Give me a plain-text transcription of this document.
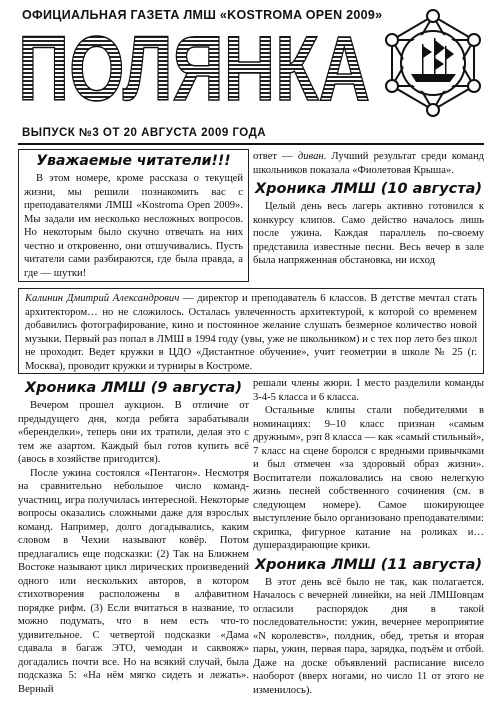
ОФИЦИАЛЬНАЯ ГАЗЕТА ЛМШ «KOSTROMA OPEN 2009»
ПОЛЯНКА
ВЫПУСК №3 ОТ 20 АВГУСТА 2009 ГОДА
Уважаемые читатели!!!

В этом номере, кроме рассказа о текущей жизни, мы решили познакомить вас с преподавателями ЛМШ «Kostroma Open 2009». Мы задали им несколько несложных вопросов. Но некоторым было скучно отвечать на них честно и откровенно, они отшучивались. Пусть читатели сами разбираются, где была правда, а где — шутки!

ответ — диван. Лучший результат среди команд школьников показала «Фиолетовая Крыша».

Хроника ЛМШ (10 августа)

Целый день весь лагерь активно готовился к конкурсу клипов. Само действо началось лишь после ужина. Каждая параллель по-своему представила известные песни. Весь вечер в зале была напряженная обстановка, ни исход

Калинин Дмитрий Александрович — директор и преподаватель 6 классов. В детстве мечтал стать архитектором… но не сложилось. Осталась увлеченность архитектурой, к которой со временем добавились фотографирование, кино и постоянное желание слушать безмерное количество новой музыки. Первый раз попал в ЛМШ в 1994 году (увы, уже не школьником) и с тех пор лето без школ не проходит. Ведет кружки в ЦДО «Дистантное обучение», учит геометрии в школе № 25 (г. Москва), проводит кружки и турниры в Костроме.

Хроника ЛМШ (9 августа)

Вечером прошел аукцион. В отличие от предыдущего дня, когда ребята зарабатывали «беренделки», теперь они их тратили, делая это с тем же азартом. Каждый был готов купить всё (авось в хозяйстве пригодится).

После ужина состоялся «Пентагон». Несмотря на сравнительно небольшое число команд-участниц, игра получилась интересной. Некоторые вопросы оказались сложными даже для взрослых команд. Например, долго догадывались, каким словом в Чехии называют ковёр. Потом предлагались еще подсказки: (2) Так на Ближнем Востоке называют цикл лирических произведений одного или нескольких авторов, в котором стихотворения расположены в алфавитном порядке рифм. (3) Если вчитаться в название, то можно подумать, что в нем есть что-то удивительное. С четвертой подсказки «Дама сдавала в багаж ЭТО, чемодан и саквояж» догадались почти все. Но на всякий случай, была подсказка 5: «На нём мягко сидеть и лежать». Верный

решали члены жюри. I место разделили команды 3-4-5 класса и 6 класса.

Остальные клипы стали победителями в номинациях: 9–10 класс признан «самым дружным», рэп 8 класса — как «самый стильный», 7 класс на сцене боролся с вредными привычками и был отмечен «за здоровый образ жизни». Воспитатели пожаловались на свою нелегкую жизнь песней собственного сочинения (см. в следующем номере). Самое шокирующее выступление было организовано преподавателями: скрипка, фигурное катание на роликах и… душераздирающие крики.

Хроника ЛМШ (11 августа)

В этот день всё было не так, как полагается. Началось с вечерней линейки, на ней ЛМШовцам огласили распорядок дня в такой последовательности: ужин, вечернее мероприятие «N королевств», полдник, обед, третья и вторая пары, ужин, первая пара, зарядка, подъём и отбой. Даже на доске объявлений расписание висело наоборот (вверх ногами, но число 11 от этого не изменилось).
